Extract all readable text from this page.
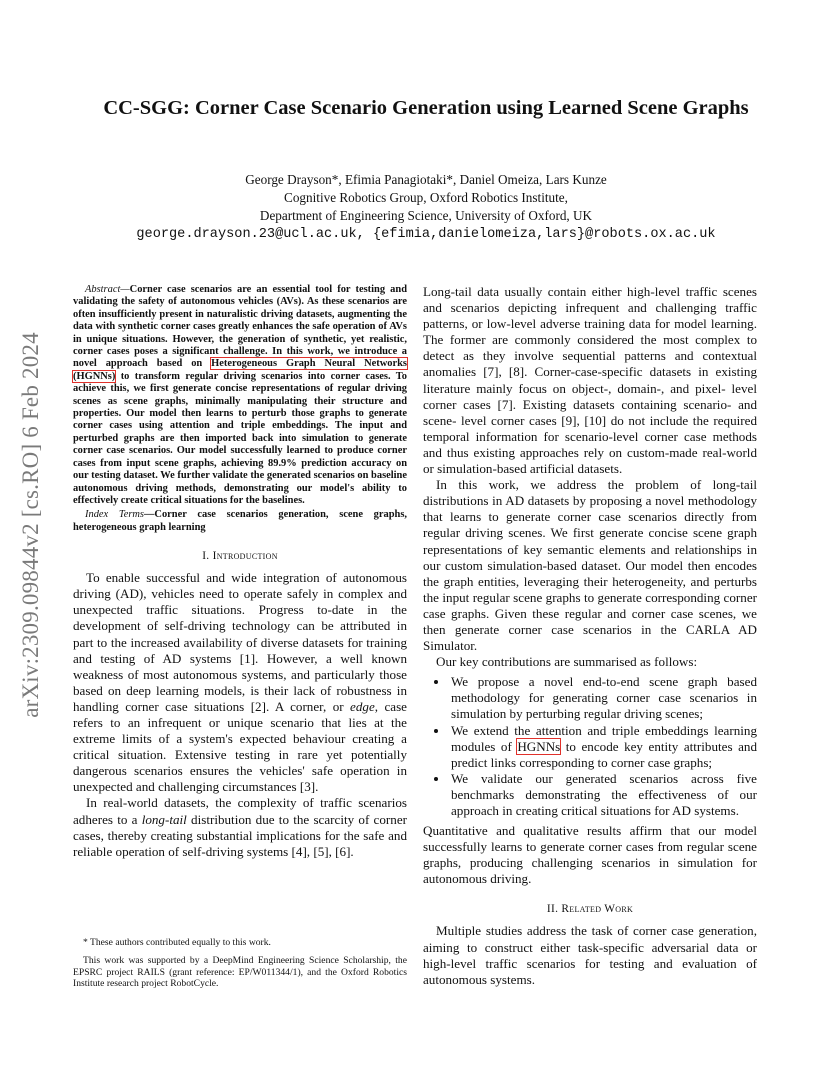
arXiv:2309.09844v2 [cs.RO] 6 Feb 2024
CC-SGG: Corner Case Scenario Generation using Learned Scene Graphs
George Drayson*, Efimia Panagiotaki*, Daniel Omeiza, Lars Kunze
Cognitive Robotics Group, Oxford Robotics Institute,
Department of Engineering Science, University of Oxford, UK
george.drayson.23@ucl.ac.uk, {efimia,danielomeiza,lars}@robots.ox.ac.uk

Abstract—Corner case scenarios are an essential tool for testing and validating the safety of autonomous vehicles (AVs). As these scenarios are often insufficiently present in naturalistic driving datasets, augmenting the data with synthetic corner cases greatly enhances the safe operation of AVs in unique situations. However, the generation of synthetic, yet realistic, corner cases poses a significant challenge. In this work, we introduce a novel approach based on Heterogeneous Graph Neural Networks (HGNNs) to transform regular driving scenarios into corner cases. To achieve this, we first generate concise representations of regular driving scenes as scene graphs, minimally manipulating their structure and properties. Our model then learns to perturb those graphs to generate corner cases using attention and triple embeddings. The input and perturbed graphs are then imported back into simulation to generate corner case scenarios. Our model successfully learned to produce corner cases from input scene graphs, achieving 89.9% prediction accuracy on our testing dataset. We further validate the generated scenarios on baseline autonomous driving methods, demonstrating our model's ability to effectively create critical situations for the baselines.

Index Terms—Corner case scenarios generation, scene graphs, heterogeneous graph learning

I. Introduction

To enable successful and wide integration of autonomous driving (AD), vehicles need to operate safely in complex and unexpected traffic situations. Progress to-date in the development of self-driving technology can be attributed in part to the increased availability of diverse datasets for training and testing of AD systems [1]. However, a well known weakness of most autonomous systems, and particularly those based on deep learning models, is their lack of robustness in handling corner case situations [2]. A corner, or edge, case refers to an infrequent or unique scenario that lies at the extreme limits of a system's expected behaviour creating a critical situation. Extensive testing in rare yet potentially dangerous scenarios ensures the vehicles' safe operation in unexpected and challenging circumstances [3].

In real-world datasets, the complexity of traffic scenarios adheres to a long-tail distribution due to the scarcity of corner cases, thereby creating substantial implications for the safe and reliable operation of self-driving systems [4], [5], [6].

* These authors contributed equally to this work.

This work was supported by a DeepMind Engineering Science Scholarship, the EPSRC project RAILS (grant reference: EP/W011344/1), and the Oxford Robotics Institute research project RobotCycle.

Long-tail data usually contain either high-level traffic scenes and scenarios depicting infrequent and challenging traffic patterns, or low-level adverse training data for model learning. The former are commonly considered the most complex to detect as they involve sequential patterns and contextual anomalies [7], [8]. Corner-case-specific datasets in existing literature mainly focus on object-, domain-, and pixel- level corner cases [7]. Existing datasets containing scenario- and scene- level corner cases [9], [10] do not include the required temporal information for scenario-level corner case methods and thus existing approaches rely on custom-made real-world or simulation-based artificial datasets.

In this work, we address the problem of long-tail distributions in AD datasets by proposing a novel methodology that learns to generate corner case scenarios directly from regular driving scenes. We first generate concise scene graph representations of key semantic elements and relationships in our custom simulation-based dataset. Our model then encodes the graph entities, leveraging their heterogeneity, and perturbs the input regular scene graphs to generate corresponding corner case graphs. Given these regular and corner case scenes, we then generate corner case scenarios in the CARLA AD Simulator.

Our key contributions are summarised as follows:

• We propose a novel end-to-end scene graph based methodology for generating corner case scenarios in simulation by perturbing regular driving scenes;
• We extend the attention and triple embeddings learning modules of HGNNs to encode key entity attributes and predict links corresponding to corner case graphs;
• We validate our generated scenarios across five benchmarks demonstrating the effectiveness of our approach in creating critical situations for AD systems.

Quantitative and qualitative results affirm that our model successfully learns to generate corner cases from regular scene graphs, producing challenging scenarios in simulation for autonomous driving.

II. Related Work

Multiple studies address the task of corner case generation, aiming to construct either task-specific adversarial data or high-level traffic scenarios for testing and evaluation of autonomous systems.
